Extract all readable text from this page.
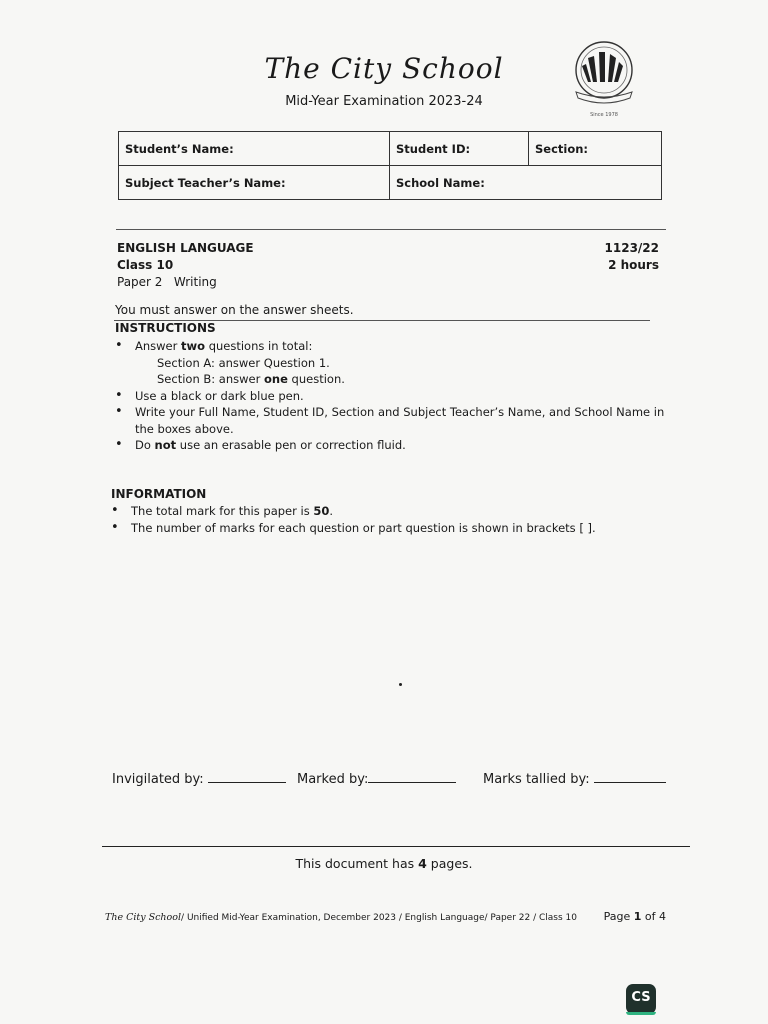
The City School
Mid-Year Examination 2023-24
Since 1978
Student’s Name:	Student ID:	Section:
Subject Teacher’s Name:	School Name:	
ENGLISH LANGUAGE
Class 10
Paper 2 Writing
1123/22
2 hours
You must answer on the answer sheets.
INSTRUCTIONS
• Answer two questions in total:
Section A: answer Question 1.
Section B: answer one question.
• Use a black or dark blue pen.
• Write your Full Name, Student ID, Section and Subject Teacher’s Name, and School Name in the boxes above.
• Do not use an erasable pen or correction fluid.
INFORMATION
• The total mark for this paper is 50.
• The number of marks for each question or part question is shown in brackets [ ].
Invigilated by:	Marked by:	Marks tallied by:
This document has 4 pages.
The City School/ Unified Mid-Year Examination, December 2023 / English Language/ Paper 22 / Class 10	Page 1 of 4
CS
